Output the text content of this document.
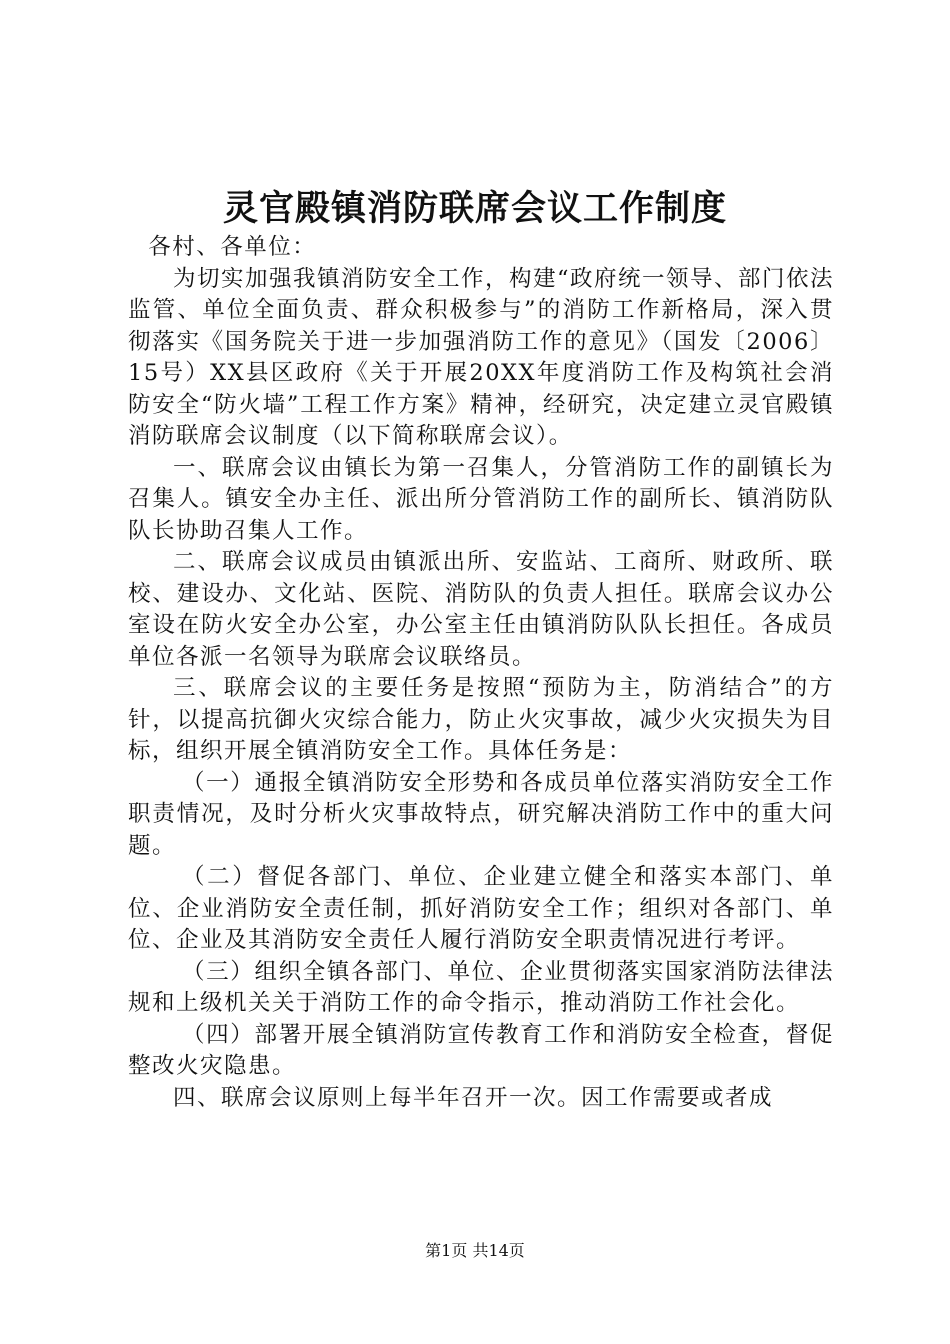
灵官殿镇消防联席会议工作制度

各村、各单位：

为切实加强我镇消防安全工作，构建“政府统一领导、部门依法监管、单位全面负责、群众积极参与”的消防工作新格局，深入贯彻落实《国务院关于进一步加强消防工作的意见》（国发〔2006〕15号）XX县区政府《关于开展20XX年度消防工作及构筑社会消防安全“防火墙”工程工作方案》精神，经研究，决定建立灵官殿镇消防联席会议制度（以下简称联席会议）。

一、联席会议由镇长为第一召集人，分管消防工作的副镇长为召集人。镇安全办主任、派出所分管消防工作的副所长、镇消防队队长协助召集人工作。

二、联席会议成员由镇派出所、安监站、工商所、财政所、联校、建设办、文化站、医院、消防队的负责人担任。联席会议办公室设在防火安全办公室，办公室主任由镇消防队队长担任。各成员单位各派一名领导为联席会议联络员。

三、联席会议的主要任务是按照“预防为主，防消结合”的方针，以提高抗御火灾综合能力，防止火灾事故，减少火灾损失为目标，组织开展全镇消防安全工作。具体任务是：

（一）通报全镇消防安全形势和各成员单位落实消防安全工作职责情况，及时分析火灾事故特点，研究解决消防工作中的重大问题。

（二）督促各部门、单位、企业建立健全和落实本部门、单位、企业消防安全责任制，抓好消防安全工作；组织对各部门、单位、企业及其消防安全责任人履行消防安全职责情况进行考评。

（三）组织全镇各部门、单位、企业贯彻落实国家消防法律法规和上级机关关于消防工作的命令指示，推动消防工作社会化。

（四）部署开展全镇消防宣传教育工作和消防安全检查，督促整改火灾隐患。

四、联席会议原则上每半年召开一次。因工作需要或者成

第1页 共14页
